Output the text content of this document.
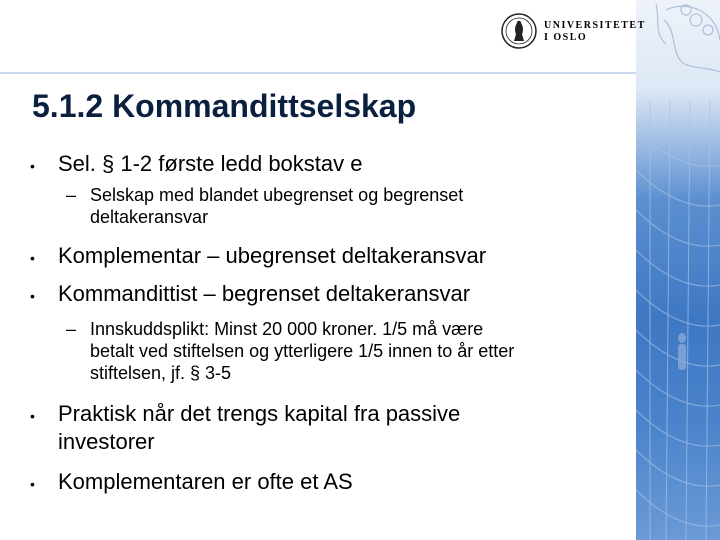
UNIVERSITETET
I OSLO
5.1.2 Kommandittselskap
• Sel. § 1-2 første ledd bokstav e
– Selskap med blandet ubegrenset og begrenset
deltakeransvar
• Komplementar – ubegrenset deltakeransvar
• Kommandittist – begrenset deltakeransvar
– Innskuddsplikt: Minst 20 000 kroner. 1/5 må være
betalt ved stiftelsen og ytterligere 1/5 innen to år etter
stiftelsen, jf. § 3-5
• Praktisk når det trengs kapital fra passive
investorer
• Komplementaren er ofte et AS
